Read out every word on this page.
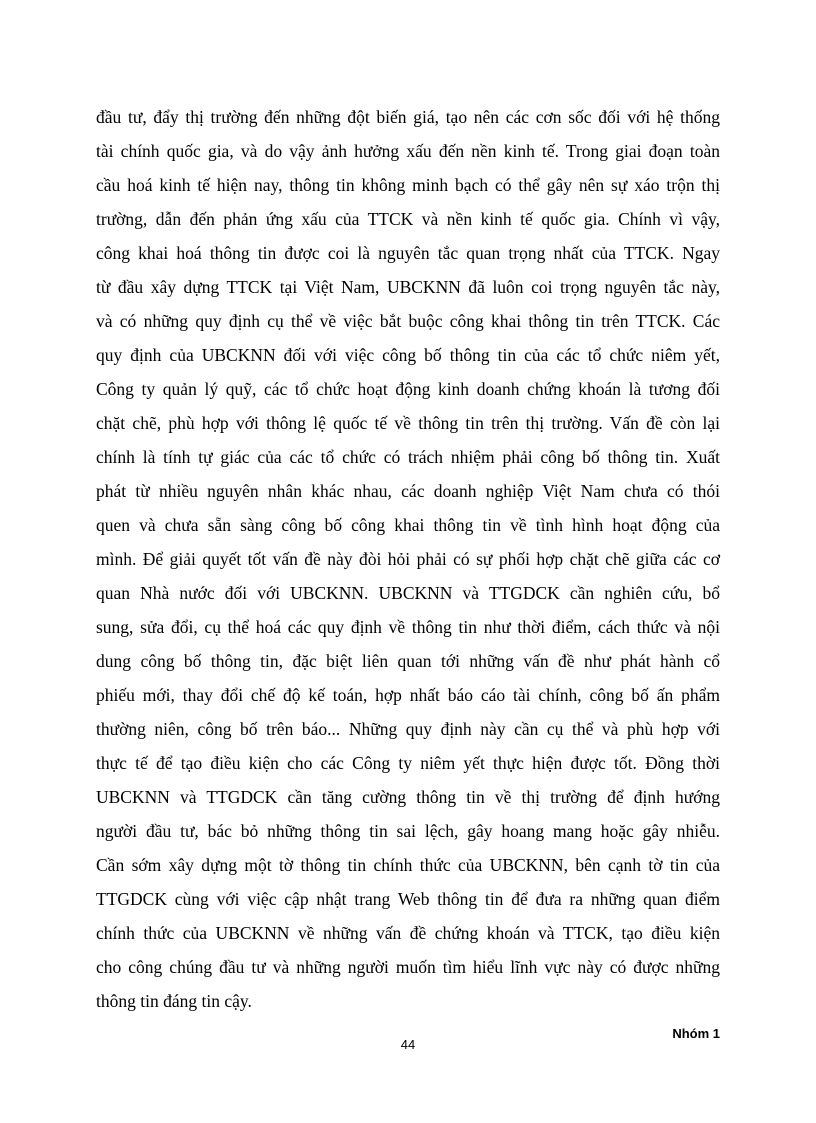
đầu tư, đẩy thị trường đến những đột biến giá, tạo nên các cơn sốc đối với hệ thống
tài chính quốc gia, và do vậy ảnh hưởng xấu đến nền kinh tế. Trong giai đoạn toàn
cầu hoá kinh tế hiện nay, thông tin không minh bạch có thể gây nên sự xáo trộn thị
trường, dẫn đến phản ứng xấu của TTCK và nền kinh tế quốc gia. Chính vì vậy,
công khai hoá thông tin được coi là nguyên tắc quan trọng nhất của TTCK. Ngay
từ đầu xây dựng TTCK tại Việt Nam, UBCKNN đã luôn coi trọng nguyên tắc này,
và có những quy định cụ thể về việc bắt buộc công khai thông tin trên TTCK. Các
quy định của UBCKNN đối với việc công bố thông tin của các tổ chức niêm yết,
Công ty quản lý quỹ, các tổ chức hoạt động kinh doanh chứng khoán là tương đối
chặt chẽ, phù hợp với thông lệ quốc tế về thông tin trên thị trường. Vấn đề còn lại
chính là tính tự giác của các tổ chức có trách nhiệm phải công bố thông tin. Xuất
phát từ nhiều nguyên nhân khác nhau, các doanh nghiệp Việt Nam chưa có thói
quen và chưa sẵn sàng công bố công khai thông tin về tình hình hoạt động của
mình. Để giải quyết tốt vấn đề này đòi hỏi phải có sự phối hợp chặt chẽ giữa các cơ
quan Nhà nước đối với UBCKNN. UBCKNN và TTGDCK cần nghiên cứu, bổ
sung, sửa đổi, cụ thể hoá các quy định về thông tin như thời điểm, cách thức và nội
dung công bố thông tin, đặc biệt liên quan tới những vấn đề như phát hành cổ
phiếu mới, thay đổi chế độ kế toán, hợp nhất báo cáo tài chính, công bố ấn phẩm
thường niên, công bố trên báo... Những quy định này cần cụ thể và phù hợp với
thực tế để tạo điều kiện cho các Công ty niêm yết thực hiện được tốt. Đồng thời
UBCKNN và TTGDCK cần tăng cường thông tin về thị trường để định hướng
người đầu tư, bác bỏ những thông tin sai lệch, gây hoang mang hoặc gây nhiễu.
Cần sớm xây dựng một tờ thông tin chính thức của UBCKNN, bên cạnh tờ tin của
TTGDCK cùng với việc cập nhật trang Web thông tin để đưa ra những quan điểm
chính thức của UBCKNN về những vấn đề chứng khoán và TTCK, tạo điều kiện
cho công chúng đầu tư và những người muốn tìm hiểu lĩnh vực này có được những
thông tin đáng tin cậy.
44
Nhóm 1
